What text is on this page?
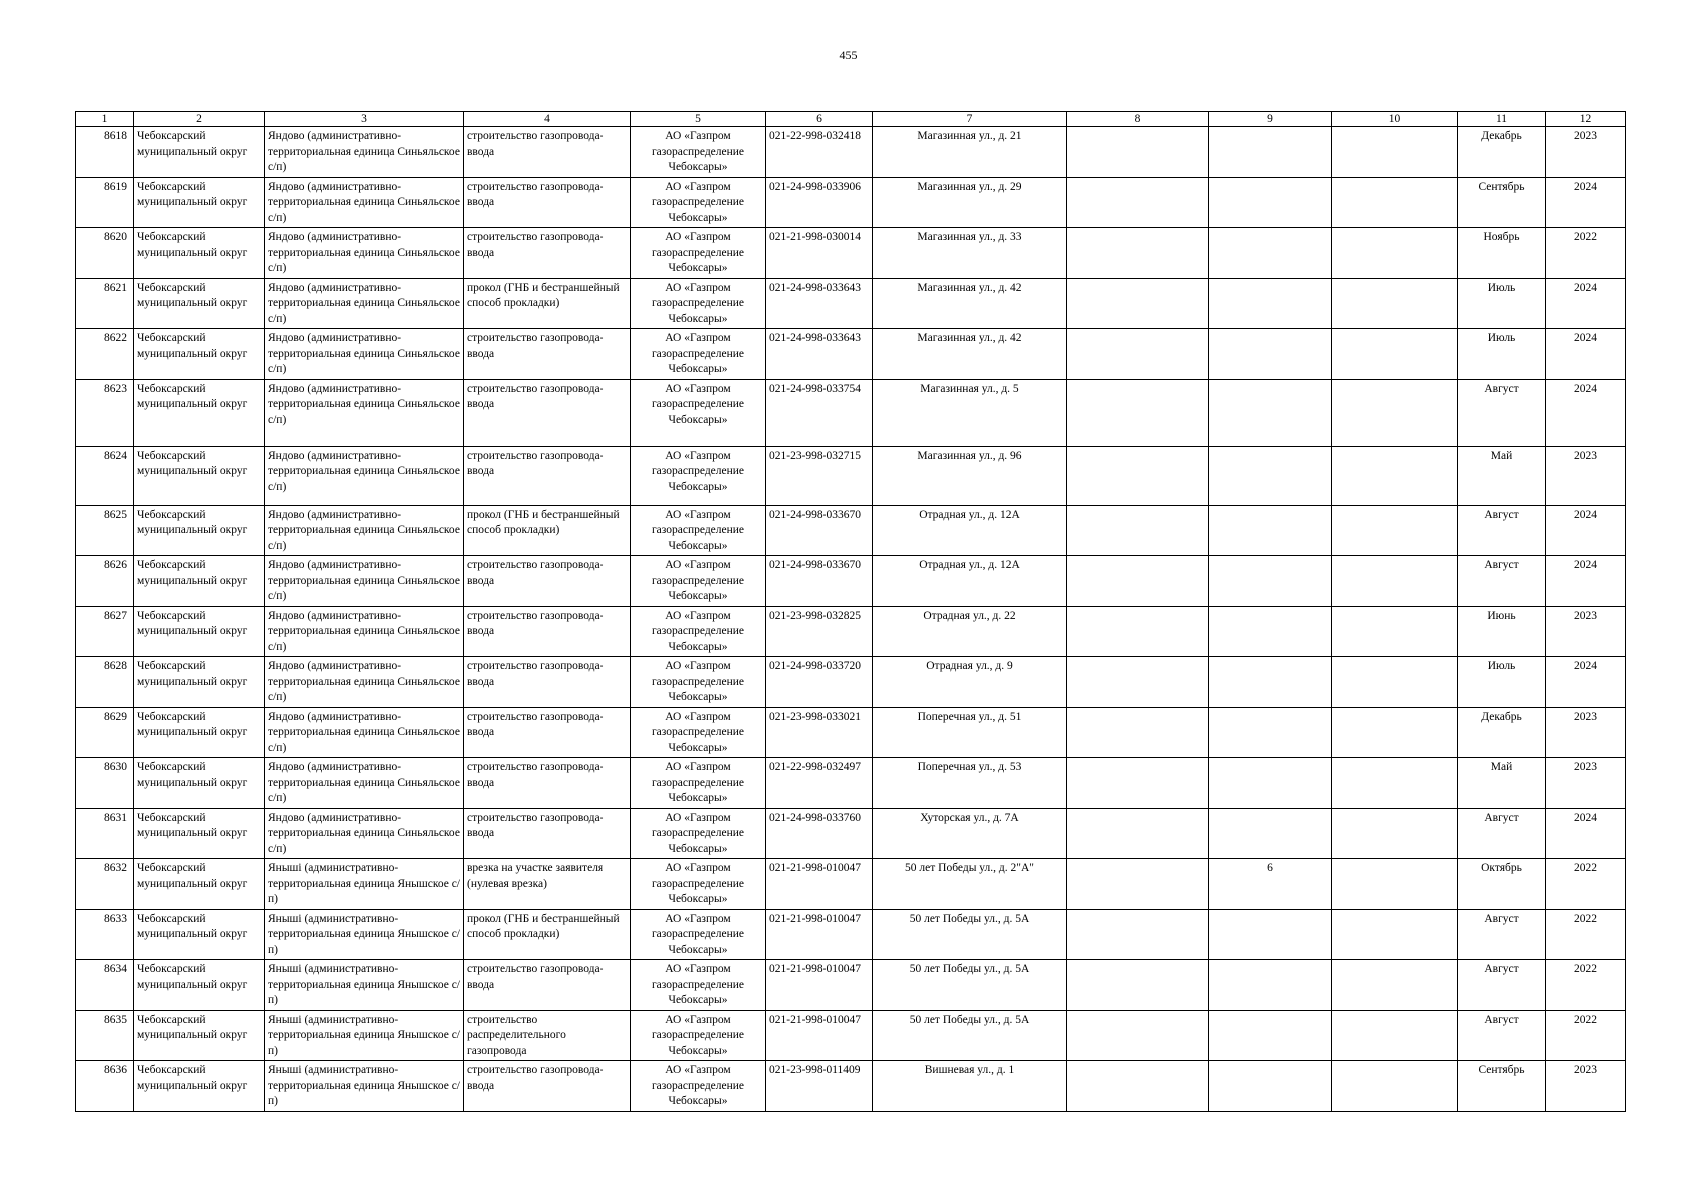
455
1	2	3	4	5	6	7	8	9	10	11	12
8618	Чебоксарский муниципальный округ	Яндово (административно-территориальная единица Синьяльское с/п)	строительство газопровода-ввода	АО «Газпром газораспределение Чебоксары»	021-22-998-032418	Магазинная ул., д. 21				Декабрь	2023
8619	Чебоксарский муниципальный округ	Яндово (административно-территориальная единица Синьяльское с/п)	строительство газопровода-ввода	АО «Газпром газораспределение Чебоксары»	021-24-998-033906	Магазинная ул., д. 29				Сентябрь	2024
8620	Чебоксарский муниципальный округ	Яндово (административно-территориальная единица Синьяльское с/п)	строительство газопровода-ввода	АО «Газпром газораспределение Чебоксары»	021-21-998-030014	Магазинная ул., д. 33				Ноябрь	2022
8621	Чебоксарский муниципальный округ	Яндово (административно-территориальная единица Синьяльское с/п)	прокол (ГНБ и бестраншейный способ прокладки)	АО «Газпром газораспределение Чебоксары»	021-24-998-033643	Магазинная ул., д. 42				Июль	2024
8622	Чебоксарский муниципальный округ	Яндово (административно-территориальная единица Синьяльское с/п)	строительство газопровода-ввода	АО «Газпром газораспределение Чебоксары»	021-24-998-033643	Магазинная ул., д. 42				Июль	2024
8623	Чебоксарский муниципальный округ	Яндово (административно-территориальная единица Синьяльское с/п)	строительство газопровода-ввода	АО «Газпром газораспределение Чебоксары»	021-24-998-033754	Магазинная ул., д. 5				Август	2024
8624	Чебоксарский муниципальный округ	Яндово (административно-территориальная единица Синьяльское с/п)	строительство газопровода-ввода	АО «Газпром газораспределение Чебоксары»	021-23-998-032715	Магазинная ул., д. 96				Май	2023
8625	Чебоксарский муниципальный округ	Яндово (административно-территориальная единица Синьяльское с/п)	прокол (ГНБ и бестраншейный способ прокладки)	АО «Газпром газораспределение Чебоксары»	021-24-998-033670	Отрадная ул., д. 12А				Август	2024
8626	Чебоксарский муниципальный округ	Яндово (административно-территориальная единица Синьяльское с/п)	строительство газопровода-ввода	АО «Газпром газораспределение Чебоксары»	021-24-998-033670	Отрадная ул., д. 12А				Август	2024
8627	Чебоксарский муниципальный округ	Яндово (административно-территориальная единица Синьяльское с/п)	строительство газопровода-ввода	АО «Газпром газораспределение Чебоксары»	021-23-998-032825	Отрадная ул., д. 22				Июнь	2023
8628	Чебоксарский муниципальный округ	Яндово (административно-территориальная единица Синьяльское с/п)	строительство газопровода-ввода	АО «Газпром газораспределение Чебоксары»	021-24-998-033720	Отрадная ул., д. 9				Июль	2024
8629	Чебоксарский муниципальный округ	Яндово (административно-территориальная единица Синьяльское с/п)	строительство газопровода-ввода	АО «Газпром газораспределение Чебоксары»	021-23-998-033021	Поперечная ул., д. 51				Декабрь	2023
8630	Чебоксарский муниципальный округ	Яндово (административно-территориальная единица Синьяльское с/п)	строительство газопровода-ввода	АО «Газпром газораспределение Чебоксары»	021-22-998-032497	Поперечная ул., д. 53				Май	2023
8631	Чебоксарский муниципальный округ	Яндово (административно-территориальная единица Синьяльское с/п)	строительство газопровода-ввода	АО «Газпром газораспределение Чебоксары»	021-24-998-033760	Хуторская ул., д. 7А				Август	2024
8632	Чебоксарский муниципальный округ	Янышi (административно-территориальная единица Янышское с/п)	врезка на участке заявителя (нулевая врезка)	АО «Газпром газораспределение Чебоксары»	021-21-998-010047	50 лет Победы ул., д. 2"А"		6		Октябрь	2022
8633	Чебоксарский муниципальный округ	Янышi (административно-территориальная единица Янышское с/п)	прокол (ГНБ и бестраншейный способ прокладки)	АО «Газпром газораспределение Чебоксары»	021-21-998-010047	50 лет Победы ул., д. 5А				Август	2022
8634	Чебоксарский муниципальный округ	Янышi (административно-территориальная единица Янышское с/п)	строительство газопровода-ввода	АО «Газпром газораспределение Чебоксары»	021-21-998-010047	50 лет Победы ул., д. 5А				Август	2022
8635	Чебоксарский муниципальный округ	Янышi (административно-территориальная единица Янышское с/п)	строительство распределительного газопровода	АО «Газпром газораспределение Чебоксары»	021-21-998-010047	50 лет Победы ул., д. 5А				Август	2022
8636	Чебоксарский муниципальный округ	Янышi (административно-территориальная единица Янышское с/п)	строительство газопровода-ввода	АО «Газпром газораспределение Чебоксары»	021-23-998-011409	Вишневая ул., д. 1				Сентябрь	2023
